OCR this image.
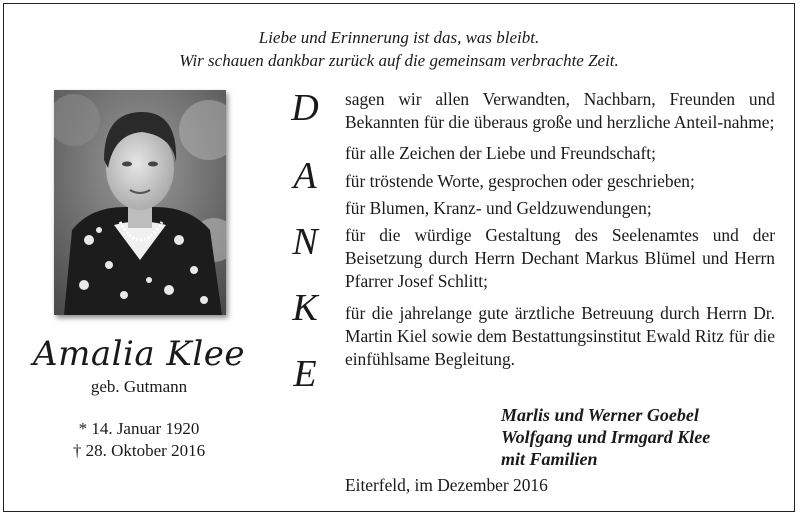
Liebe und Erinnerung ist das, was bleibt.
Wir schauen dankbar zurück auf die gemeinsam verbrachte Zeit.
Amalia Klee
geb. Gutmann
* 14. Januar 1920
† 28. Oktober 2016
D
A
N
K
E

sagen wir allen Verwandten, Nachbarn, Freunden und Bekannten für die überaus große und herzliche Anteil-nahme;

für alle Zeichen der Liebe und Freundschaft;

für tröstende Worte, gesprochen oder geschrieben;

für Blumen, Kranz- und Geldzuwendungen;

für die würdige Gestaltung des Seelenamtes und der Beisetzung durch Herrn Dechant Markus Blümel und Herrn Pfarrer Josef Schlitt;

für die jahrelange gute ärztliche Betreuung durch Herrn Dr. Martin Kiel sowie dem Bestattungsinstitut Ewald Ritz für die einfühlsame Begleitung.

Marlis und Werner Goebel
Wolfgang und Irmgard Klee
mit Familien
Eiterfeld, im Dezember 2016
